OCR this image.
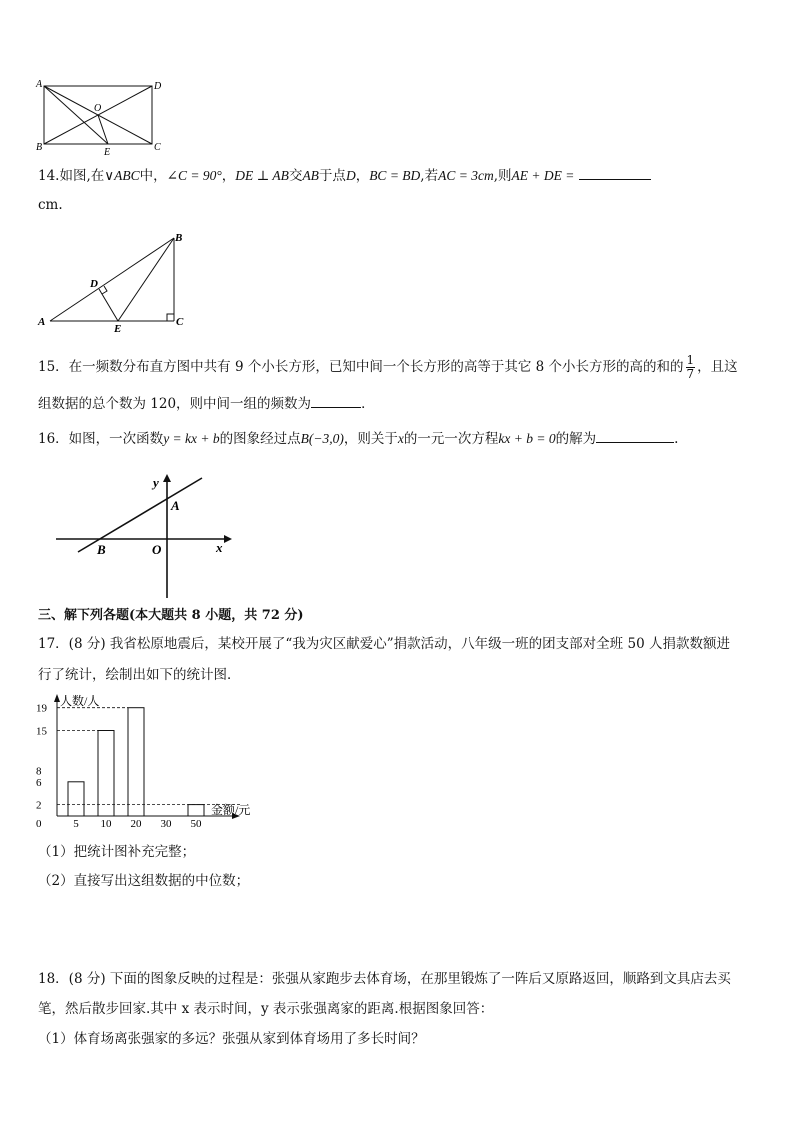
A	D
O
B	E	C
14.如图,在∨ABC中，∠C = 90°，DE ⊥ AB交AB于点D，BC = BD,若AC = 3cm,则AE + DE =
cm.
B
D
A
E
C
15．在一频数分布直方图中共有 9 个小长方形，已知中间一个长方形的高等于其它 8 个小长方形的高的和的 $\frac{1}{7}$ ，且这
组数据的总个数为 120，则中间一组的频数为	．
16．如图，一次函数y = kx + b的图象经过点B(−3,0)，则关于x的一元一次方程kx + b = 0的解为	.
y
A
B	O	x
三、解下列各题(本大题共 8 小题，共 72 分)
17．(8 分) 我省松原地震后，某校开展了“我为灾区献爱心”捐款活动，八年级一班的团支部对全班 50 人捐款数额进
行了统计，绘制出如下的统计图．
人数/人
金额/元
19
15
8
6
2
0	5 10 20 30 50
（1）把统计图补充完整；
（2）直接写出这组数据的中位数；
18．(8 分) 下面的图象反映的过程是：张强从家跑步去体育场，在那里锻炼了一阵后又原路返回，顺路到文具店去买
笔，然后散步回家.其中 x 表示时间，y 表示张强离家的距离.根据图象回答：
（1）体育场离张强家的多远？张强从家到体育场用了多长时间？
